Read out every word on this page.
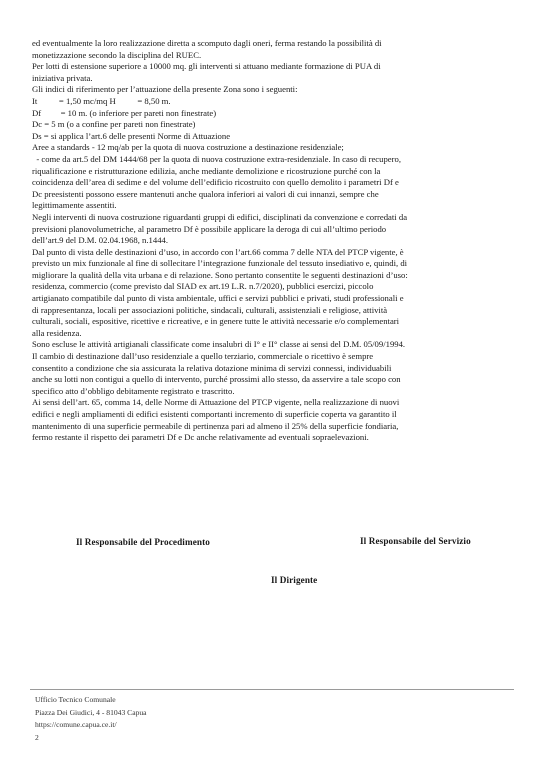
ed eventualmente la loro realizzazione diretta a scomputo dagli oneri, ferma restando la possibilità di
monetizzazione secondo la disciplina del RUEC.
Per lotti di estensione superiore a 10000 mq. gli interventi si attuano mediante formazione di PUA di
iniziativa privata.
Gli indici di riferimento per l’attuazione della presente Zona sono i seguenti:
It          = 1,50 mc/mq H          = 8,50 m.
Df         = 10 m. (o inferiore per pareti non finestrate)
Dc = 5 m (o a confine per pareti non finestrate)
Ds = si applica l’art.6 delle presenti Norme di Attuazione
Aree a standards - 12 mq/ab per la quota di nuova costruzione a destinazione residenziale;
- come da art.5 del DM 1444/68 per la quota di nuova costruzione extra-residenziale. In caso di recupero,
riqualificazione e ristrutturazione edilizia, anche mediante demolizione e ricostruzione purché con la
coincidenza dell’area di sedime e del volume dell’edificio ricostruito con quello demolito i parametri Df e
Dc preesistenti possono essere mantenuti anche qualora inferiori ai valori di cui innanzi, sempre che
legittimamente assentiti.
Negli interventi di nuova costruzione riguardanti gruppi di edifici, disciplinati da convenzione e corredati da
previsioni planovolumetriche, al parametro Df è possibile applicare la deroga di cui all’ultimo periodo
dell’art.9 del D.M. 02.04.1968, n.1444.
Dal punto di vista delle destinazioni d’uso, in accordo con l’art.66 comma 7 delle NTA del PTCP vigente, è
previsto un mix funzionale al fine di sollecitare l’integrazione funzionale del tessuto insediativo e, quindi, di
migliorare la qualità della vita urbana e di relazione. Sono pertanto consentite le seguenti destinazioni d’uso:
residenza, commercio (come previsto dal SIAD ex art.19 L.R. n.7/2020), pubblici esercizi, piccolo
artigianato compatibile dal punto di vista ambientale, uffici e servizi pubblici e privati, studi professionali e
di rappresentanza, locali per associazioni politiche, sindacali, culturali, assistenziali e religiose, attività
culturali, sociali, espositive, ricettive e ricreative, e in genere tutte le attività necessarie e/o complementari
alla residenza.
Sono escluse le attività artigianali classificate come insalubri di I° e II° classe ai sensi del D.M. 05/09/1994.
Il cambio di destinazione dall’uso residenziale a quello terziario, commerciale o ricettivo è sempre
consentito a condizione che sia assicurata la relativa dotazione minima di servizi connessi, individuabili
anche su lotti non contigui a quello di intervento, purché prossimi allo stesso, da asservire a tale scopo con
specifico atto d’obbligo debitamente registrato e trascritto.
Ai sensi dell’art. 65, comma 14, delle Norme di Attuazione del PTCP vigente, nella realizzazione di nuovi
edifici e negli ampliamenti di edifici esistenti comportanti incremento di superficie coperta va garantito il
mantenimento di una superficie permeabile di pertinenza pari ad almeno il 25% della superficie fondiaria,
fermo restante il rispetto dei parametri Df e Dc anche relativamente ad eventuali sopraelevazioni.
Il Responsabile del Procedimento	Il Responsabile del Servizio
Il Dirigente
Ufficio Tecnico Comunale
Piazza Dei Giudici, 4 - 81043 Capua
https://comune.capua.ce.it/
2
